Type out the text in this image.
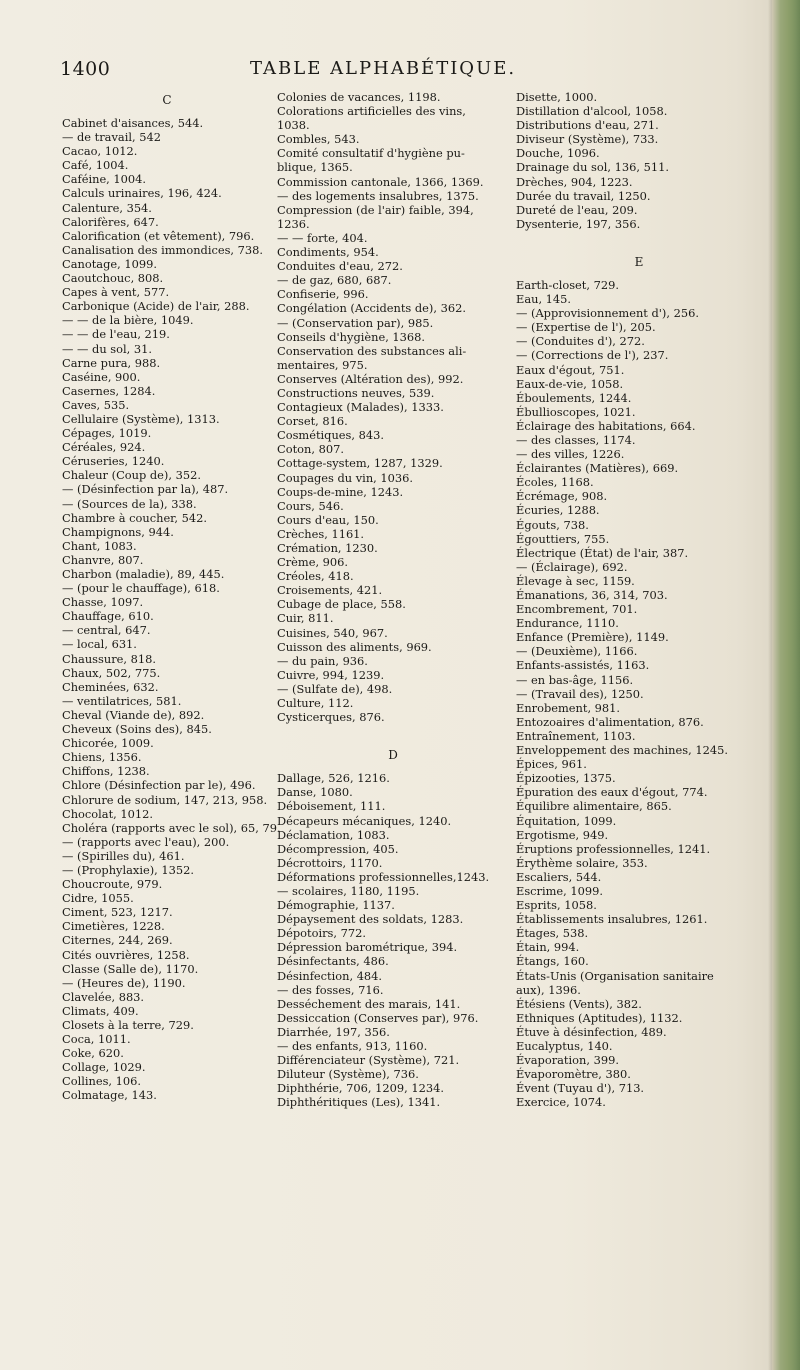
1400	TABLE ALPHABÉTIQUE.
C
Cabinet d'aisances, 544.
— de travail, 542
Cacao, 1012.
Café, 1004.
Caféine, 1004.
Calculs urinaires, 196, 424.
Calenture, 354.
Calorifères, 647.
Calorification (et vêtement), 796.
Canalisation des immondices, 738.
Canotage, 1099.
Caoutchouc, 808.
Capes à vent, 577.
Carbonique (Acide) de l'air, 288.
— — de la bière, 1049.
— — de l'eau, 219.
— — du sol, 31.
Carne pura, 988.
Caséine, 900.
Casernes, 1284.
Caves, 535.
Cellulaire (Système), 1313.
Cépages, 1019.
Céréales, 924.
Céruseries, 1240.
Chaleur (Coup de), 352.
— (Désinfection par la), 487.
— (Sources de la), 338.
Chambre à coucher, 542.
Champignons, 944.
Chant, 1083.
Chanvre, 807.
Charbon (maladie), 89, 445.
— (pour le chauffage), 618.
Chasse, 1097.
Chauffage, 610.
— central, 647.
— local, 631.
Chaussure, 818.
Chaux, 502, 775.
Cheminées, 632.
— ventilatrices, 581.
Cheval (Viande de), 892.
Cheveux (Soins des), 845.
Chicorée, 1009.
Chiens, 1356.
Chiffons, 1238.
Chlore (Désinfection par le), 496.
Chlorure de sodium, 147, 213, 958.
Chocolat, 1012.
Choléra (rapports avec le sol), 65, 79.
— (rapports avec l'eau), 200.
— (Spirilles du), 461.
— (Prophylaxie), 1352.
Choucroute, 979.
Cidre, 1055.
Ciment, 523, 1217.
Cimetières, 1228.
Citernes, 244, 269.
Cités ouvrières, 1258.
Classe (Salle de), 1170.
— (Heures de), 1190.
Clavelée, 883.
Climats, 409.
Closets à la terre, 729.
Coca, 1011.
Coke, 620.
Collage, 1029.
Collines, 106.
Colmatage, 143.
Colonies de vacances, 1198.
Colorations artificielles des vins,
1038.
Combles, 543.
Comité consultatif d'hygiène pu-
blique, 1365.
Commission cantonale, 1366, 1369.
— des logements insalubres, 1375.
Compression (de l'air) faible, 394,
1236.
— — forte, 404.
Condiments, 954.
Conduites d'eau, 272.
— de gaz, 680, 687.
Confiserie, 996.
Congélation (Accidents de), 362.
— (Conservation par), 985.
Conseils d'hygiène, 1368.
Conservation des substances ali-
mentaires, 975.
Conserves (Altération des), 992.
Constructions neuves, 539.
Contagieux (Malades), 1333.
Corset, 816.
Cosmétiques, 843.
Coton, 807.
Cottage-system, 1287, 1329.
Coupages du vin, 1036.
Coups-de-mine, 1243.
Cours, 546.
Cours d'eau, 150.
Crèches, 1161.
Crémation, 1230.
Crème, 906.
Créoles, 418.
Croisements, 421.
Cubage de place, 558.
Cuir, 811.
Cuisines, 540, 967.
Cuisson des aliments, 969.
— du pain, 936.
Cuivre, 994, 1239.
— (Sulfate de), 498.
Culture, 112.
Cysticerques, 876.
D
Dallage, 526, 1216.
Danse, 1080.
Déboisement, 111.
Décapeurs mécaniques, 1240.
Déclamation, 1083.
Décompression, 405.
Décrottoirs, 1170.
Déformations professionnelles,1243.
— scolaires, 1180, 1195.
Démographie, 1137.
Dépaysement des soldats, 1283.
Dépotoirs, 772.
Dépression barométrique, 394.
Désinfectants, 486.
Désinfection, 484.
— des fosses, 716.
Desséchement des marais, 141.
Dessiccation (Conserves par), 976.
Diarrhée, 197, 356.
— des enfants, 913, 1160.
Différenciateur (Système), 721.
Diluteur (Système), 736.
Diphthérie, 706, 1209, 1234.
Diphthéritiques (Les), 1341.
Disette, 1000.
Distillation d'alcool, 1058.
Distributions d'eau, 271.
Diviseur (Système), 733.
Douche, 1096.
Drainage du sol, 136, 511.
Drèches, 904, 1223.
Durée du travail, 1250.
Dureté de l'eau, 209.
Dysenterie, 197, 356.
E
Earth-closet, 729.
Eau, 145.
— (Approvisionnement d'), 256.
— (Expertise de l'), 205.
— (Conduites d'), 272.
— (Corrections de l'), 237.
Eaux d'égout, 751.
Eaux-de-vie, 1058.
Éboulements, 1244.
Ébullioscopes, 1021.
Éclairage des habitations, 664.
— des classes, 1174.
— des villes, 1226.
Éclairantes (Matières), 669.
Écoles, 1168.
Écrémage, 908.
Écuries, 1288.
Égouts, 738.
Égouttiers, 755.
Électrique (État) de l'air, 387.
— (Éclairage), 692.
Élevage à sec, 1159.
Émanations, 36, 314, 703.
Encombrement, 701.
Endurance, 1110.
Enfance (Première), 1149.
— (Deuxième), 1166.
Enfants-assistés, 1163.
— en bas-âge, 1156.
— (Travail des), 1250.
Enrobement, 981.
Entozoaires d'alimentation, 876.
Entraînement, 1103.
Enveloppement des machines, 1245.
Épices, 961.
Épizooties, 1375.
Épuration des eaux d'égout, 774.
Équilibre alimentaire, 865.
Équitation, 1099.
Ergotisme, 949.
Éruptions professionnelles, 1241.
Érythème solaire, 353.
Escaliers, 544.
Escrime, 1099.
Esprits, 1058.
Établissements insalubres, 1261.
Étages, 538.
Étain, 994.
Étangs, 160.
États-Unis (Organisation sanitaire
aux), 1396.
Étésiens (Vents), 382.
Ethniques (Aptitudes), 1132.
Étuve à désinfection, 489.
Eucalyptus, 140.
Évaporation, 399.
Évaporomètre, 380.
Évent (Tuyau d'), 713.
Exercice, 1074.
